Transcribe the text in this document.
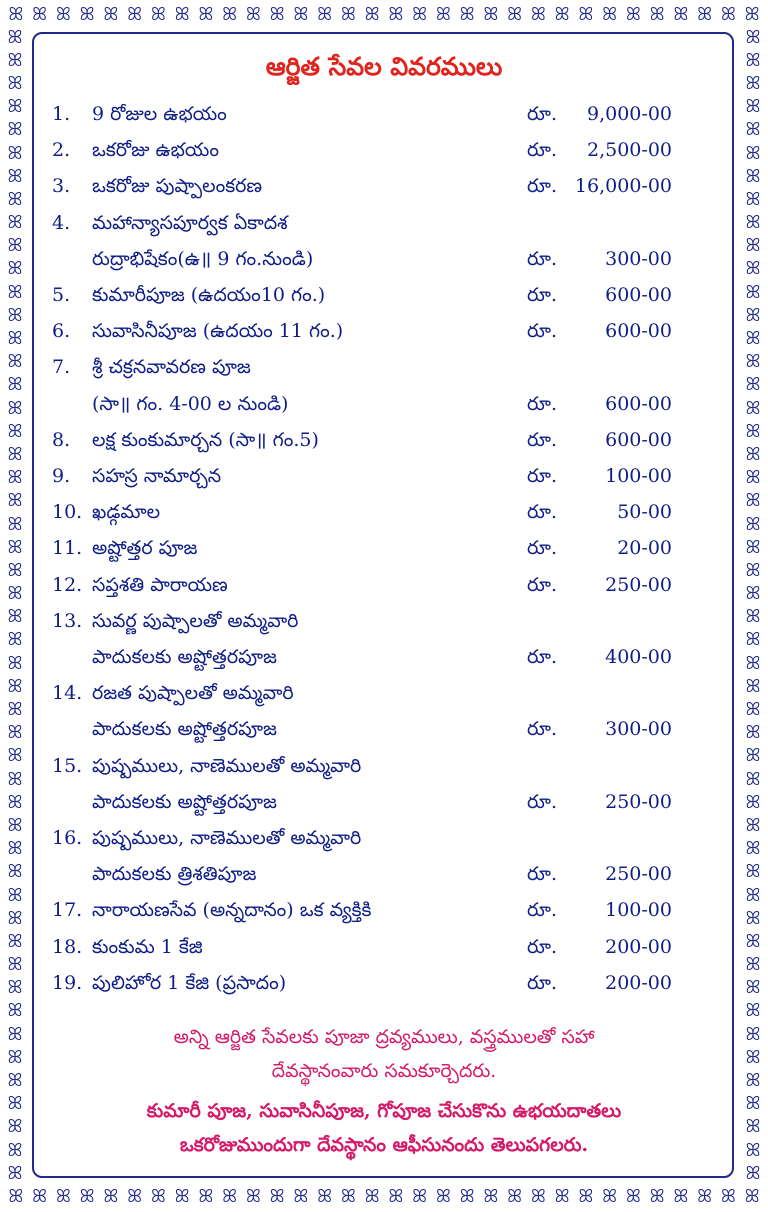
ꕤ ꕤ ꕤ ꕤ ꕤ ꕤ ꕤ ꕤ ꕤ ꕤ ꕤ ꕤ ꕤ ꕤ ꕤ ꕤ ꕤ ꕤ ꕤ ꕤ ꕤ ꕤ ꕤ ꕤ ꕤ ꕤ ꕤ ꕤ ꕤ ꕤ ꕤ ꕤ
ꕤ ꕤ ꕤ ꕤ ꕤ ꕤ ꕤ ꕤ ꕤ ꕤ ꕤ ꕤ ꕤ ꕤ ꕤ ꕤ ꕤ ꕤ ꕤ ꕤ ꕤ ꕤ ꕤ ꕤ ꕤ ꕤ ꕤ ꕤ ꕤ ꕤ ꕤ ꕤ
ꕤ
ꕤ
ꕤ
ꕤ
ꕤ
ꕤ
ꕤ
ꕤ
ꕤ
ꕤ
ꕤ
ꕤ
ꕤ
ꕤ
ꕤ
ꕤ
ꕤ
ꕤ
ꕤ
ꕤ
ꕤ
ꕤ
ꕤ
ꕤ
ꕤ
ꕤ
ꕤ
ꕤ
ꕤ
ꕤ
ꕤ
ꕤ
ꕤ
ꕤ
ꕤ
ꕤ
ꕤ
ꕤ
ꕤ
ꕤ
ꕤ
ꕤ
ꕤ
ꕤ
ꕤ
ꕤ
ꕤ
ꕤ
ꕤ
ꕤ
ꕤ
ꕤ
ꕤ
ꕤ
ꕤ
ꕤ
ꕤ
ꕤ
ꕤ
ꕤ
ꕤ
ꕤ
ꕤ
ꕤ
ꕤ
ꕤ
ꕤ
ꕤ
ꕤ
ꕤ
ꕤ
ꕤ
ꕤ
ꕤ
ꕤ
ꕤ
ꕤ
ꕤ
ꕤ
ꕤ
ꕤ
ꕤ
ꕤ
ꕤ
ꕤ
ꕤ
ꕤ
ꕤ
ꕤ
ꕤ
ꕤ
ꕤ
ꕤ
ꕤ
ꕤ
ꕤ
ꕤ
ꕤ
ꕤ
ꕤ
ఆర్జిత సేవల వివరములు
1.	9 రోజుల ఉభయం	రూ.	9,000-00
2.	ఒకరోజు ఉభయం	రూ.	2,500-00
3.	ఒకరోజు పుష్పాలంకరణ	రూ. 16,000-00
4.	మహాన్యాసపూర్వక ఏకాదశ
రుద్రాభిషేకం(ఉ॥ 9 గం.నుండి)	రూ.	300-00
5.	కుమారీపూజ (ఉదయం10 గం.)	రూ.	600-00
6.	సువాసినీపూజ (ఉదయం 11 గం.)	రూ.	600-00
7.	శ్రీ చక్రనవావరణ పూజ
(సా॥ గం. 4-00 ల నుండి)	రూ.	600-00
8.	లక్ష కుంకుమార్చన (సా॥ గం.5)	రూ.	600-00
9.	సహస్ర నామార్చన	రూ.	100-00
10. ఖడ్గమాల	రూ.	50-00
11. అష్టోత్తర పూజ	రూ.	20-00
12. సప్తశతి పారాయణ	రూ.	250-00
13. సువర్ణ పుష్పాలతో అమ్మవారి
పాదుకలకు అష్టోత్తరపూజ	రూ.	400-00
14. రజత పుష్పాలతో అమ్మవారి
పాదుకలకు అష్టోత్తరపూజ	రూ.	300-00
15. పుష్పములు, నాణెములతో అమ్మవారి
పాదుకలకు అష్టోత్తరపూజ	రూ.	250-00
16. పుష్పములు, నాణెములతో అమ్మవారి
పాదుకలకు త్రిశతిపూజ	రూ.	250-00
17. నారాయణసేవ (అన్నదానం) ఒక వ్యక్తికి	రూ.	100-00
18. కుంకుమ 1 కేజి	రూ.	200-00
19. పులిహోర 1 కేజి (ప్రసాదం)	రూ.	200-00
అన్ని ఆర్జిత సేవలకు పూజా ద్రవ్యములు, వస్త్రములతో సహా
దేవస్థానంవారు సమకూర్చెదరు.
కుమారీ పూజ, సువాసినీపూజ, గోపూజ చేసుకొను ఉభయదాతలు
ఒకరోజుముందుగా దేవస్థానం ఆఫీసునందు తెలుపగలరు.
